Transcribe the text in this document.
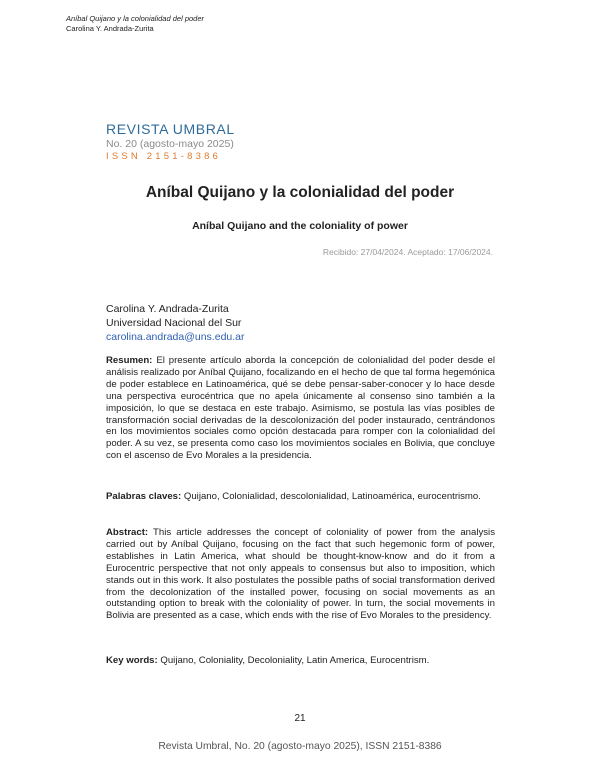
Aníbal Quijano y la colonialidad del poder
Carolina Y. Andrada-Zurita
REVISTA UMBRAL
No. 20 (agosto-mayo 2025)
ISSN 2151-8386
Aníbal Quijano y la colonialidad del poder
Aníbal Quijano and the coloniality of power
Recibido: 27/04/2024. Aceptado: 17/06/2024.
Carolina Y. Andrada-Zurita
Universidad Nacional del Sur
carolina.andrada@uns.edu.ar
Resumen: El presente artículo aborda la concepción de colonialidad del poder desde el análisis realizado por Aníbal Quijano, focalizando en el hecho de que tal forma hegemónica de poder establece en Latinoamérica, qué se debe pensar-saber-conocer y lo hace desde una perspectiva eurocéntrica que no apela únicamente al consenso sino también a la imposición, lo que se destaca en este trabajo. Asimismo, se postula las vías posibles de transformación social derivadas de la descolonización del poder instaurado, centrándonos en los movimientos sociales como opción destacada para romper con la colonialidad del poder. A su vez, se presenta como caso los movimientos sociales en Bolivia, que concluye con el ascenso de Evo Morales a la presidencia.
Palabras claves: Quijano, Colonialidad, descolonialidad, Latinoamérica, eurocentrismo.
Abstract: This article addresses the concept of coloniality of power from the analysis carried out by Aníbal Quijano, focusing on the fact that such hegemonic form of power, establishes in Latin America, what should be thought-know-know and do it from a Eurocentric perspective that not only appeals to consensus but also to imposition, which stands out in this work. It also postulates the possible paths of social transformation derived from the decolonization of the installed power, focusing on social movements as an outstanding option to break with the coloniality of power. In turn, the social movements in Bolivia are presented as a case, which ends with the rise of Evo Morales to the presidency.
Key words: Quijano, Coloniality, Decoloniality, Latin America, Eurocentrism.
21
Revista Umbral, No. 20 (agosto-mayo 2025), ISSN 2151-8386
